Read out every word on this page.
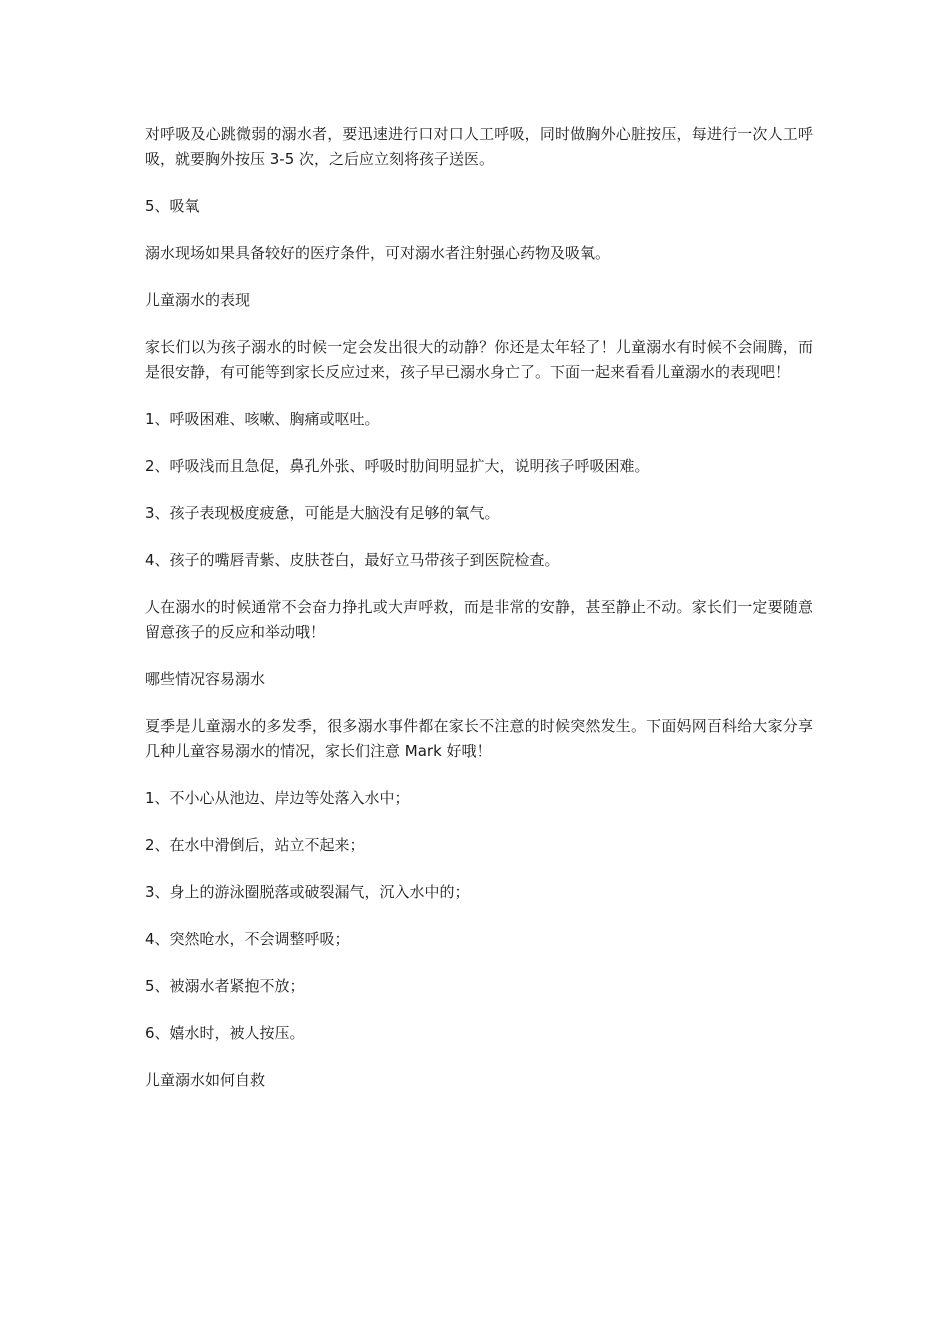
对呼吸及心跳微弱的溺水者，要迅速进行口对口人工呼吸，同时做胸外心脏按压，每进行一次人工呼吸，就要胸外按压 3-5 次，之后应立刻将孩子送医。

5、吸氧

溺水现场如果具备较好的医疗条件，可对溺水者注射强心药物及吸氧。

儿童溺水的表现

家长们以为孩子溺水的时候一定会发出很大的动静？你还是太年轻了！儿童溺水有时候不会闹腾，而是很安静，有可能等到家长反应过来，孩子早已溺水身亡了。下面一起来看看儿童溺水的表现吧！

1、呼吸困难、咳嗽、胸痛或呕吐。

2、呼吸浅而且急促，鼻孔外张、呼吸时肋间明显扩大，说明孩子呼吸困难。

3、孩子表现极度疲惫，可能是大脑没有足够的氧气。

4、孩子的嘴唇青紫、皮肤苍白，最好立马带孩子到医院检查。

人在溺水的时候通常不会奋力挣扎或大声呼救，而是非常的安静，甚至静止不动。家长们一定要随意留意孩子的反应和举动哦！

哪些情况容易溺水

夏季是儿童溺水的多发季，很多溺水事件都在家长不注意的时候突然发生。下面妈网百科给大家分享几种儿童容易溺水的情况，家长们注意 Mark 好哦！

1、不小心从池边、岸边等处落入水中；

2、在水中滑倒后，站立不起来；

3、身上的游泳圈脱落或破裂漏气，沉入水中的；

4、突然呛水，不会调整呼吸；

5、被溺水者紧抱不放；

6、嬉水时，被人按压。

儿童溺水如何自救
